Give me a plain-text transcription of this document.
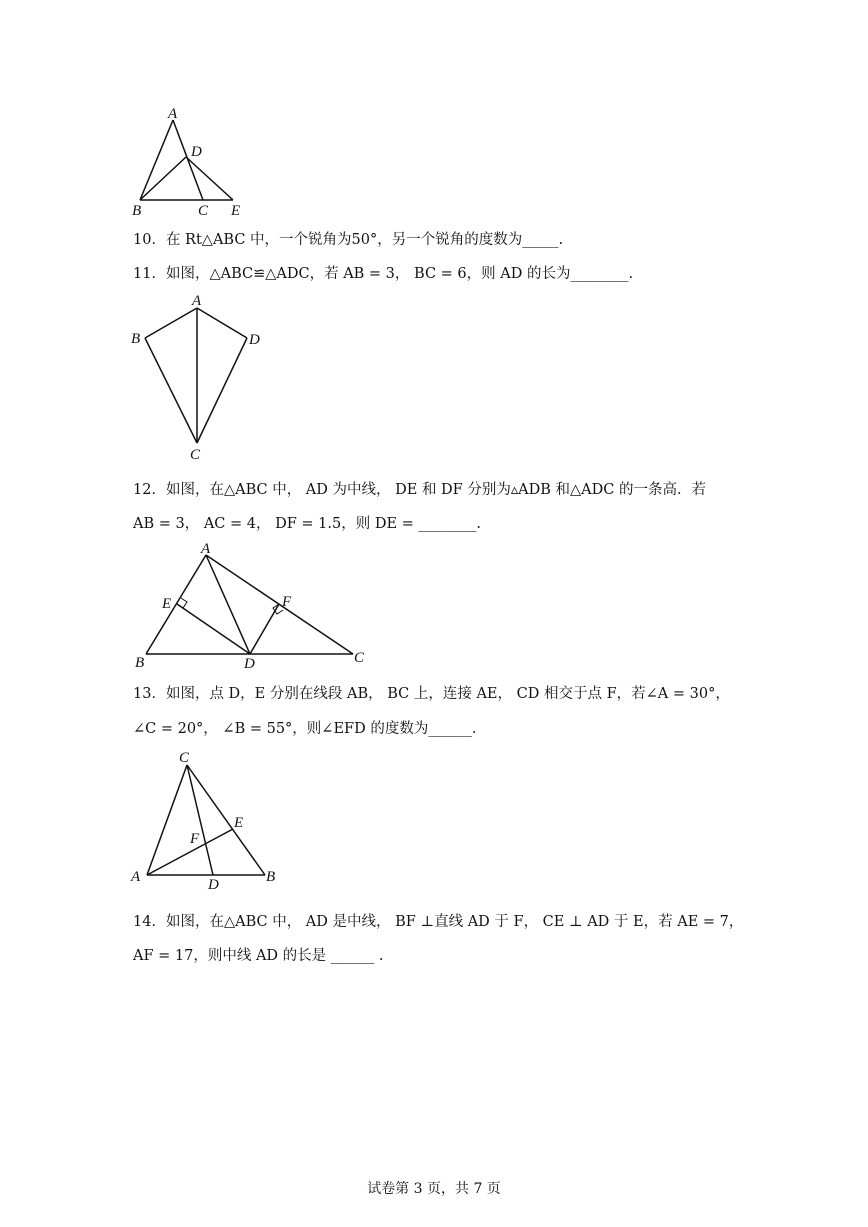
A
D
B	C E
10．在 Rt△ABC 中，一个锐角为50°，另一个锐角的度数为_____.
11．如图，△ABC≌△ADC，若 AB = 3， BC = 6，则 AD 的长为________.
A
B	D
C
12．如图，在△ABC 中， AD 为中线， DE 和 DF 分别为▵ADB 和△ADC 的一条高．若
AB = 3， AC = 4， DF = 1.5，则 DE = ________.
A
E	F
B	D	C
13．如图，点 D，E 分别在线段 AB， BC 上，连接 AE， CD 相交于点 F，若∠A = 30°，
∠C = 20°， ∠B = 55°，则∠EFD 的度数为______.
C
E
F
A	D	B
14．如图，在△ABC 中， AD 是中线， BF ⊥直线 AD 于 F， CE ⊥ AD 于 E，若 AE = 7，
AF = 17，则中线 AD 的长是 ______ .
试卷第 3 页，共 7 页
